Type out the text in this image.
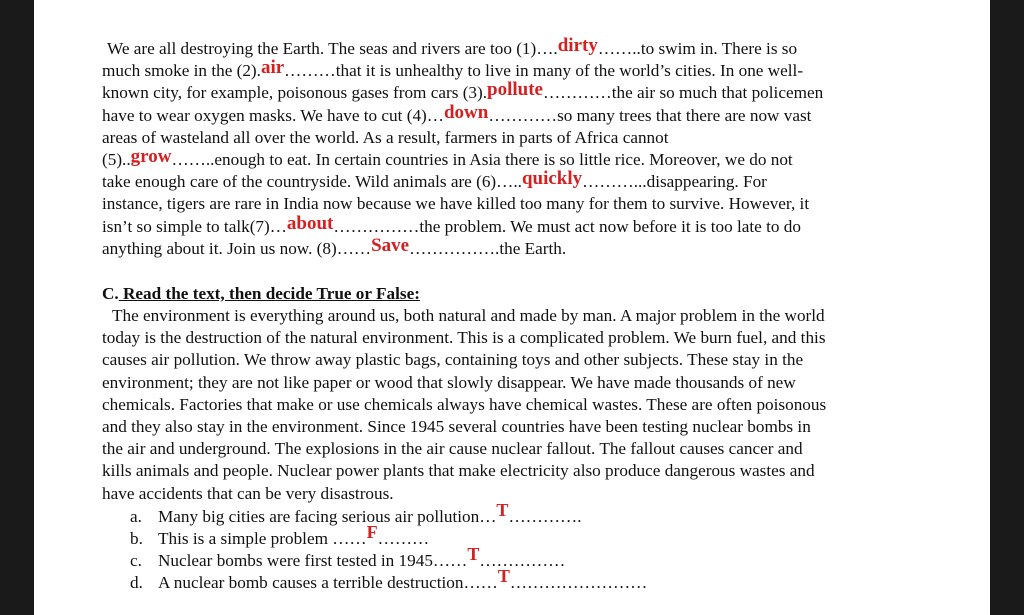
We are all destroying the Earth. The seas and rivers are too (1)….dirty……..to swim in. There is so
much smoke in the (2).air………that it is unhealthy to live in many of the world’s cities. In one well-
known city, for example, poisonous gases from cars (3).pollute…………the air so much that policemen
have to wear oxygen masks. We have to cut (4)…down…………so many trees that there are now vast
areas of wasteland all over the world. As a result, farmers in parts of Africa cannot
(5)..grow……..enough to eat. In certain countries in Asia there is so little rice. Moreover, we do not
take enough care of the countryside. Wild animals are (6)…..quickly………...disappearing. For
instance, tigers are rare in India now because we have killed too many for them to survive. However, it
isn’t so simple to talk(7)…about……………the problem. We must act now before it is too late to do
anything about it. Join us now. (8)……Save…………….the Earth.
C. Read the text, then decide True or False:
The environment is everything around us, both natural and made by man. A major problem in the world
today is the destruction of the natural environment. This is a complicated problem. We burn fuel, and this
causes air pollution. We throw away plastic bags, containing toys and other subjects. These stay in the
environment; they are not like paper or wood that slowly disappear. We have made thousands of new
chemicals. Factories that make or use chemicals always have chemical wastes. These are often poisonous
and they also stay in the environment. Since 1945 several countries have been testing nuclear bombs in
the air and underground. The explosions in the air cause nuclear fallout. The fallout causes cancer and
kills animals and people. Nuclear power plants that make electricity also produce dangerous wastes and
have accidents that can be very disastrous.
a. Many big cities are facing serious air pollution…T………….
b. This is a simple problem ……F………
c. Nuclear bombs were first tested in 1945……T……………
d. A nuclear bomb causes a terrible destruction……T……………………
